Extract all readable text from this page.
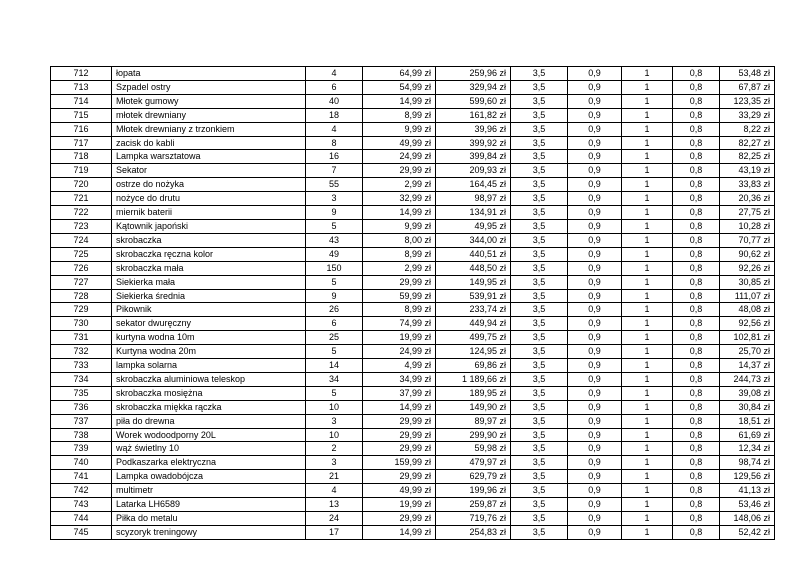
712	łopata	4	64,99 zł	259,96 zł	3,5	0,9	1	0,8	53,48 zł
713	Szpadel ostry	6	54,99 zł	329,94 zł	3,5	0,9	1	0,8	67,87 zł
714	Młotek gumowy	40	14,99 zł	599,60 zł	3,5	0,9	1	0,8	123,35 zł
715	młotek drewniany	18	8,99 zł	161,82 zł	3,5	0,9	1	0,8	33,29 zł
716	Młotek drewniany z trzonkiem	4	9,99 zł	39,96 zł	3,5	0,9	1	0,8	8,22 zł
717	zacisk do kabli	8	49,99 zł	399,92 zł	3,5	0,9	1	0,8	82,27 zł
718	Lampka warsztatowa	16	24,99 zł	399,84 zł	3,5	0,9	1	0,8	82,25 zł
719	Sekator	7	29,99 zł	209,93 zł	3,5	0,9	1	0,8	43,19 zł
720	ostrze do nożyka	55	2,99 zł	164,45 zł	3,5	0,9	1	0,8	33,83 zł
721	nożyce do drutu	3	32,99 zł	98,97 zł	3,5	0,9	1	0,8	20,36 zł
722	miernik baterii	9	14,99 zł	134,91 zł	3,5	0,9	1	0,8	27,75 zł
723	Kątownik japoński	5	9,99 zł	49,95 zł	3,5	0,9	1	0,8	10,28 zł
724	skrobaczka	43	8,00 zł	344,00 zł	3,5	0,9	1	0,8	70,77 zł
725	skrobaczka ręczna kolor	49	8,99 zł	440,51 zł	3,5	0,9	1	0,8	90,62 zł
726	skrobaczka mała	150	2,99 zł	448,50 zł	3,5	0,9	1	0,8	92,26 zł
727	Siekierka mała	5	29,99 zł	149,95 zł	3,5	0,9	1	0,8	30,85 zł
728	Siekierka średnia	9	59,99 zł	539,91 zł	3,5	0,9	1	0,8	111,07 zł
729	Pikownik	26	8,99 zł	233,74 zł	3,5	0,9	1	0,8	48,08 zł
730	sekator dwuręczny	6	74,99 zł	449,94 zł	3,5	0,9	1	0,8	92,56 zł
731	kurtyna wodna 10m	25	19,99 zł	499,75 zł	3,5	0,9	1	0,8	102,81 zł
732	Kurtyna wodna 20m	5	24,99 zł	124,95 zł	3,5	0,9	1	0,8	25,70 zł
733	lampka solarna	14	4,99 zł	69,86 zł	3,5	0,9	1	0,8	14,37 zł
734	skrobaczka aluminiowa teleskop	34	34,99 zł	1 189,66 zł	3,5	0,9	1	0,8	244,73 zł
735	skrobaczka mosiężna	5	37,99 zł	189,95 zł	3,5	0,9	1	0,8	39,08 zł
736	skrobaczka miękka rączka	10	14,99 zł	149,90 zł	3,5	0,9	1	0,8	30,84 zł
737	piła do drewna	3	29,99 zł	89,97 zł	3,5	0,9	1	0,8	18,51 zł
738	Worek wodoodporny 20L	10	29,99 zł	299,90 zł	3,5	0,9	1	0,8	61,69 zł
739	wąż świetlny 10	2	29,99 zł	59,98 zł	3,5	0,9	1	0,8	12,34 zł
740	Podkaszarka elektryczna	3	159,99 zł	479,97 zł	3,5	0,9	1	0,8	98,74 zł
741	Lampka owadobójcza	21	29,99 zł	629,79 zł	3,5	0,9	1	0,8	129,56 zł
742	multimetr	4	49,99 zł	199,96 zł	3,5	0,9	1	0,8	41,13 zł
743	Latarka LH6589	13	19,99 zł	259,87 zł	3,5	0,9	1	0,8	53,46 zł
744	Piłka do metalu	24	29,99 zł	719,76 zł	3,5	0,9	1	0,8	148,06 zł
745	scyzoryk treningowy	17	14,99 zł	254,83 zł	3,5	0,9	1	0,8	52,42 zł
